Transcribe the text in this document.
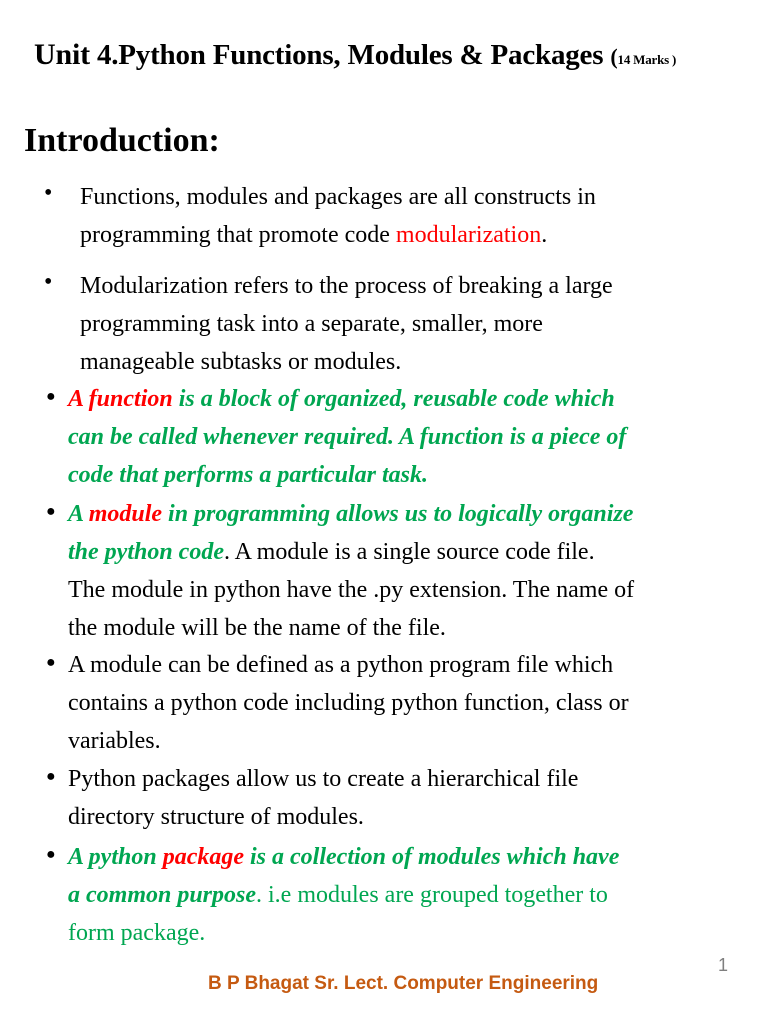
Unit 4.Python Functions, Modules & Packages (14 Marks )
Introduction:
• Functions, modules and packages are all constructs in
programming that promote code modularization.
• Modularization refers to the process of breaking a large
programming task into a separate, smaller, more
manageable subtasks or modules.
● A function is a block of organized, reusable code which
can be called whenever required. A function is a piece of
code that performs a particular task.
● A module in programming allows us to logically organize
the python code. A module is a single source code file.
The module in python have the .py extension. The name of
the module will be the name of the file.
● A module can be defined as a python program file which
contains a python code including python function, class or
variables.
● Python packages allow us to create a hierarchical file
directory structure of modules.
● A python package is a collection of modules which have
a common purpose. i.e modules are grouped together to
form package.
1
B P Bhagat Sr. Lect. Computer Engineering
